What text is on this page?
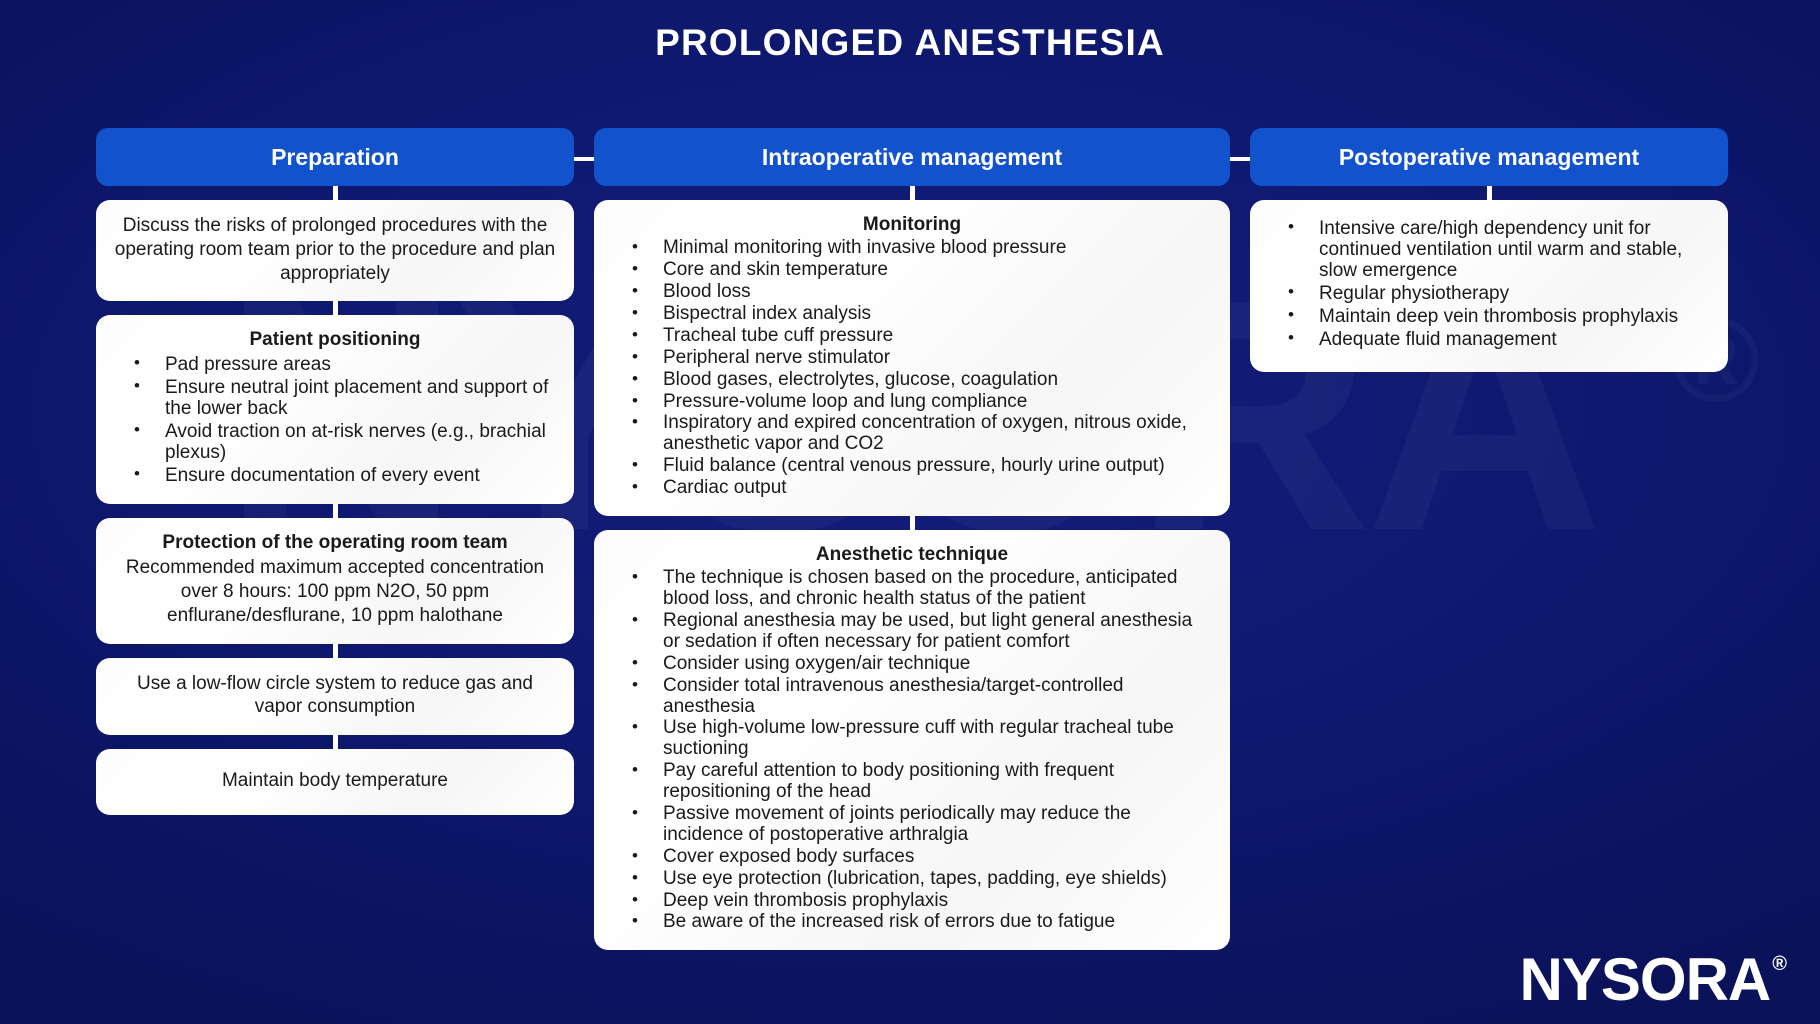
PROLONGED ANESTHESIA
Preparation
Discuss the risks of prolonged procedures with the operating room team prior to the procedure and plan appropriately
Patient positioning
• Pad pressure areas
• Ensure neutral joint placement and support of the lower back
• Avoid traction on at-risk nerves (e.g., brachial plexus)
• Ensure documentation of every event
Protection of the operating room team
Recommended maximum accepted concentration over 8 hours: 100 ppm N2O, 50 ppm enflurane/desflurane, 10 ppm halothane
Use a low-flow circle system to reduce gas and vapor consumption
Maintain body temperature
Intraoperative management
Monitoring
• Minimal monitoring with invasive blood pressure
• Core and skin temperature
• Blood loss
• Bispectral index analysis
• Tracheal tube cuff pressure
• Peripheral nerve stimulator
• Blood gases, electrolytes, glucose, coagulation
• Pressure-volume loop and lung compliance
• Inspiratory and expired concentration of oxygen, nitrous oxide, anesthetic vapor and CO2
• Fluid balance (central venous pressure, hourly urine output)
• Cardiac output
Anesthetic technique
• The technique is chosen based on the procedure, anticipated blood loss, and chronic health status of the patient
• Regional anesthesia may be used, but light general anesthesia or sedation if often necessary for patient comfort
• Consider using oxygen/air technique
• Consider total intravenous anesthesia/target-controlled anesthesia
• Use high-volume low-pressure cuff with regular tracheal tube suctioning
• Pay careful attention to body positioning with frequent repositioning of the head
• Passive movement of joints periodically may reduce the incidence of postoperative arthralgia
• Cover exposed body surfaces
• Use eye protection (lubrication, tapes, padding, eye shields)
• Deep vein thrombosis prophylaxis
• Be aware of the increased risk of errors due to fatigue
Postoperative management
• Intensive care/high dependency unit for continued ventilation until warm and stable, slow emergence
• Regular physiotherapy
• Maintain deep vein thrombosis prophylaxis
• Adequate fluid management
NYSORA ®
